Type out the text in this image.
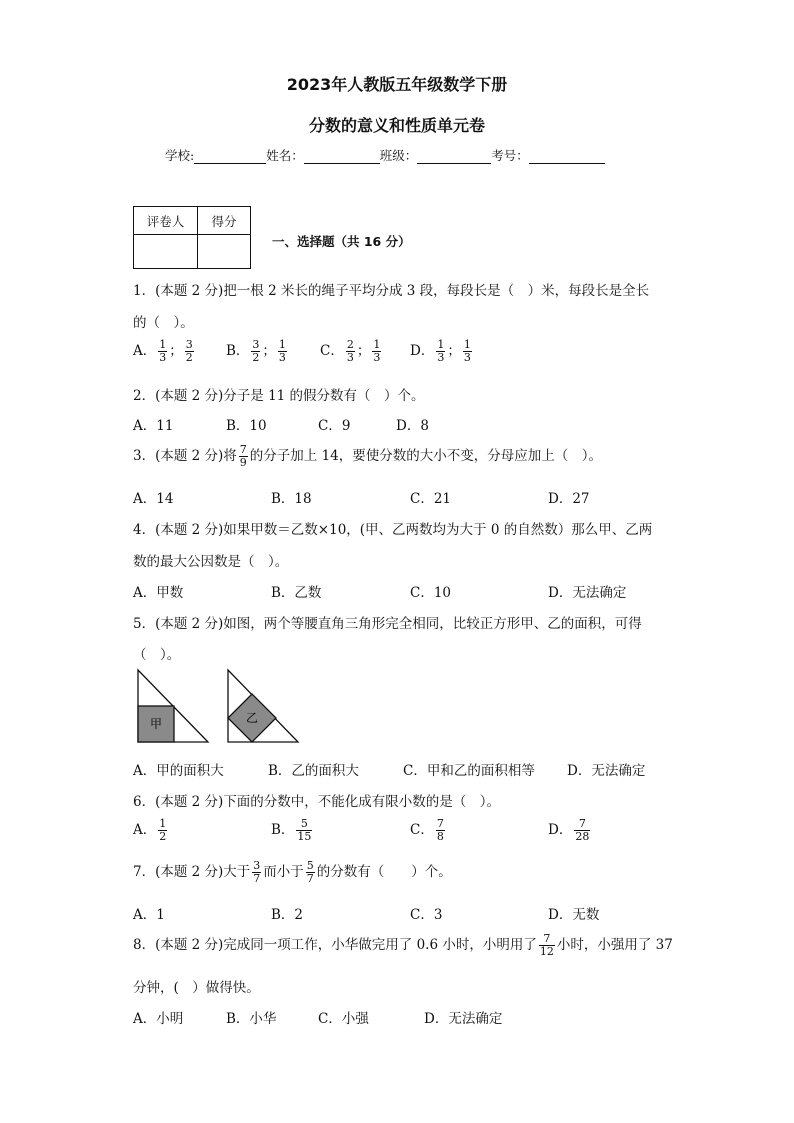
2023年人教版五年级数学下册
分数的意义和性质单元卷
学校:	姓名：	班级：	考号：
评卷人	得分

一、选择题（共 16 分）
1．(本题 2 分)把一根 2 米长的绳子平均分成 3 段，每段长是（　）米，每段长是全长
的（　）。
A． $\frac{1}{3}$ ； $\frac{3}{2}$ B． $\frac{3}{2}$ ； $\frac{1}{3}$ C． $\frac{2}{3}$ ； $\frac{1}{3}$ D． $\frac{1}{3}$ ； $\frac{1}{3}$
2．(本题 2 分)分子是 11 的假分数有（　）个。
A．11	B．10	C．9	D．8
3．(本题 2 分)将 $\frac{7}{9}$ 的分子加上 14，要使分数的大小不变，分母应加上（　）。
A．14	B．18	C．21	D．27
4．(本题 2 分)如果甲数＝乙数×10，(甲、乙两数均为大于 0 的自然数）那么甲、乙两
数的最大公因数是（　）。
A．甲数	B．乙数	C．10	D．无法确定
5．(本题 2 分)如图，两个等腰直角三角形完全相同，比较正方形甲、乙的面积，可得
（　）。
甲	乙
A．甲的面积大	B．乙的面积大	C．甲和乙的面积相等 D．无法确定
6．(本题 2 分)下面的分数中，不能化成有限小数的是（　）。
A． $\frac{1}{2}$	B． $\frac{5}{15}$	C． $\frac{7}{8}$	D． $\frac{7}{28}$
7．(本题 2 分)大于 $\frac{3}{7}$ 而小于 $\frac{5}{7}$ 的分数有（　　）个。
A．1	B．2	C．3	D．无数
8．(本题 2 分)完成同一项工作，小华做完用了 0.6 小时，小明用了 $\frac{7}{12}$ 小时，小强用了 37
分钟，(　）做得快。
A．小明	B．小华	C．小强	D．无法确定
